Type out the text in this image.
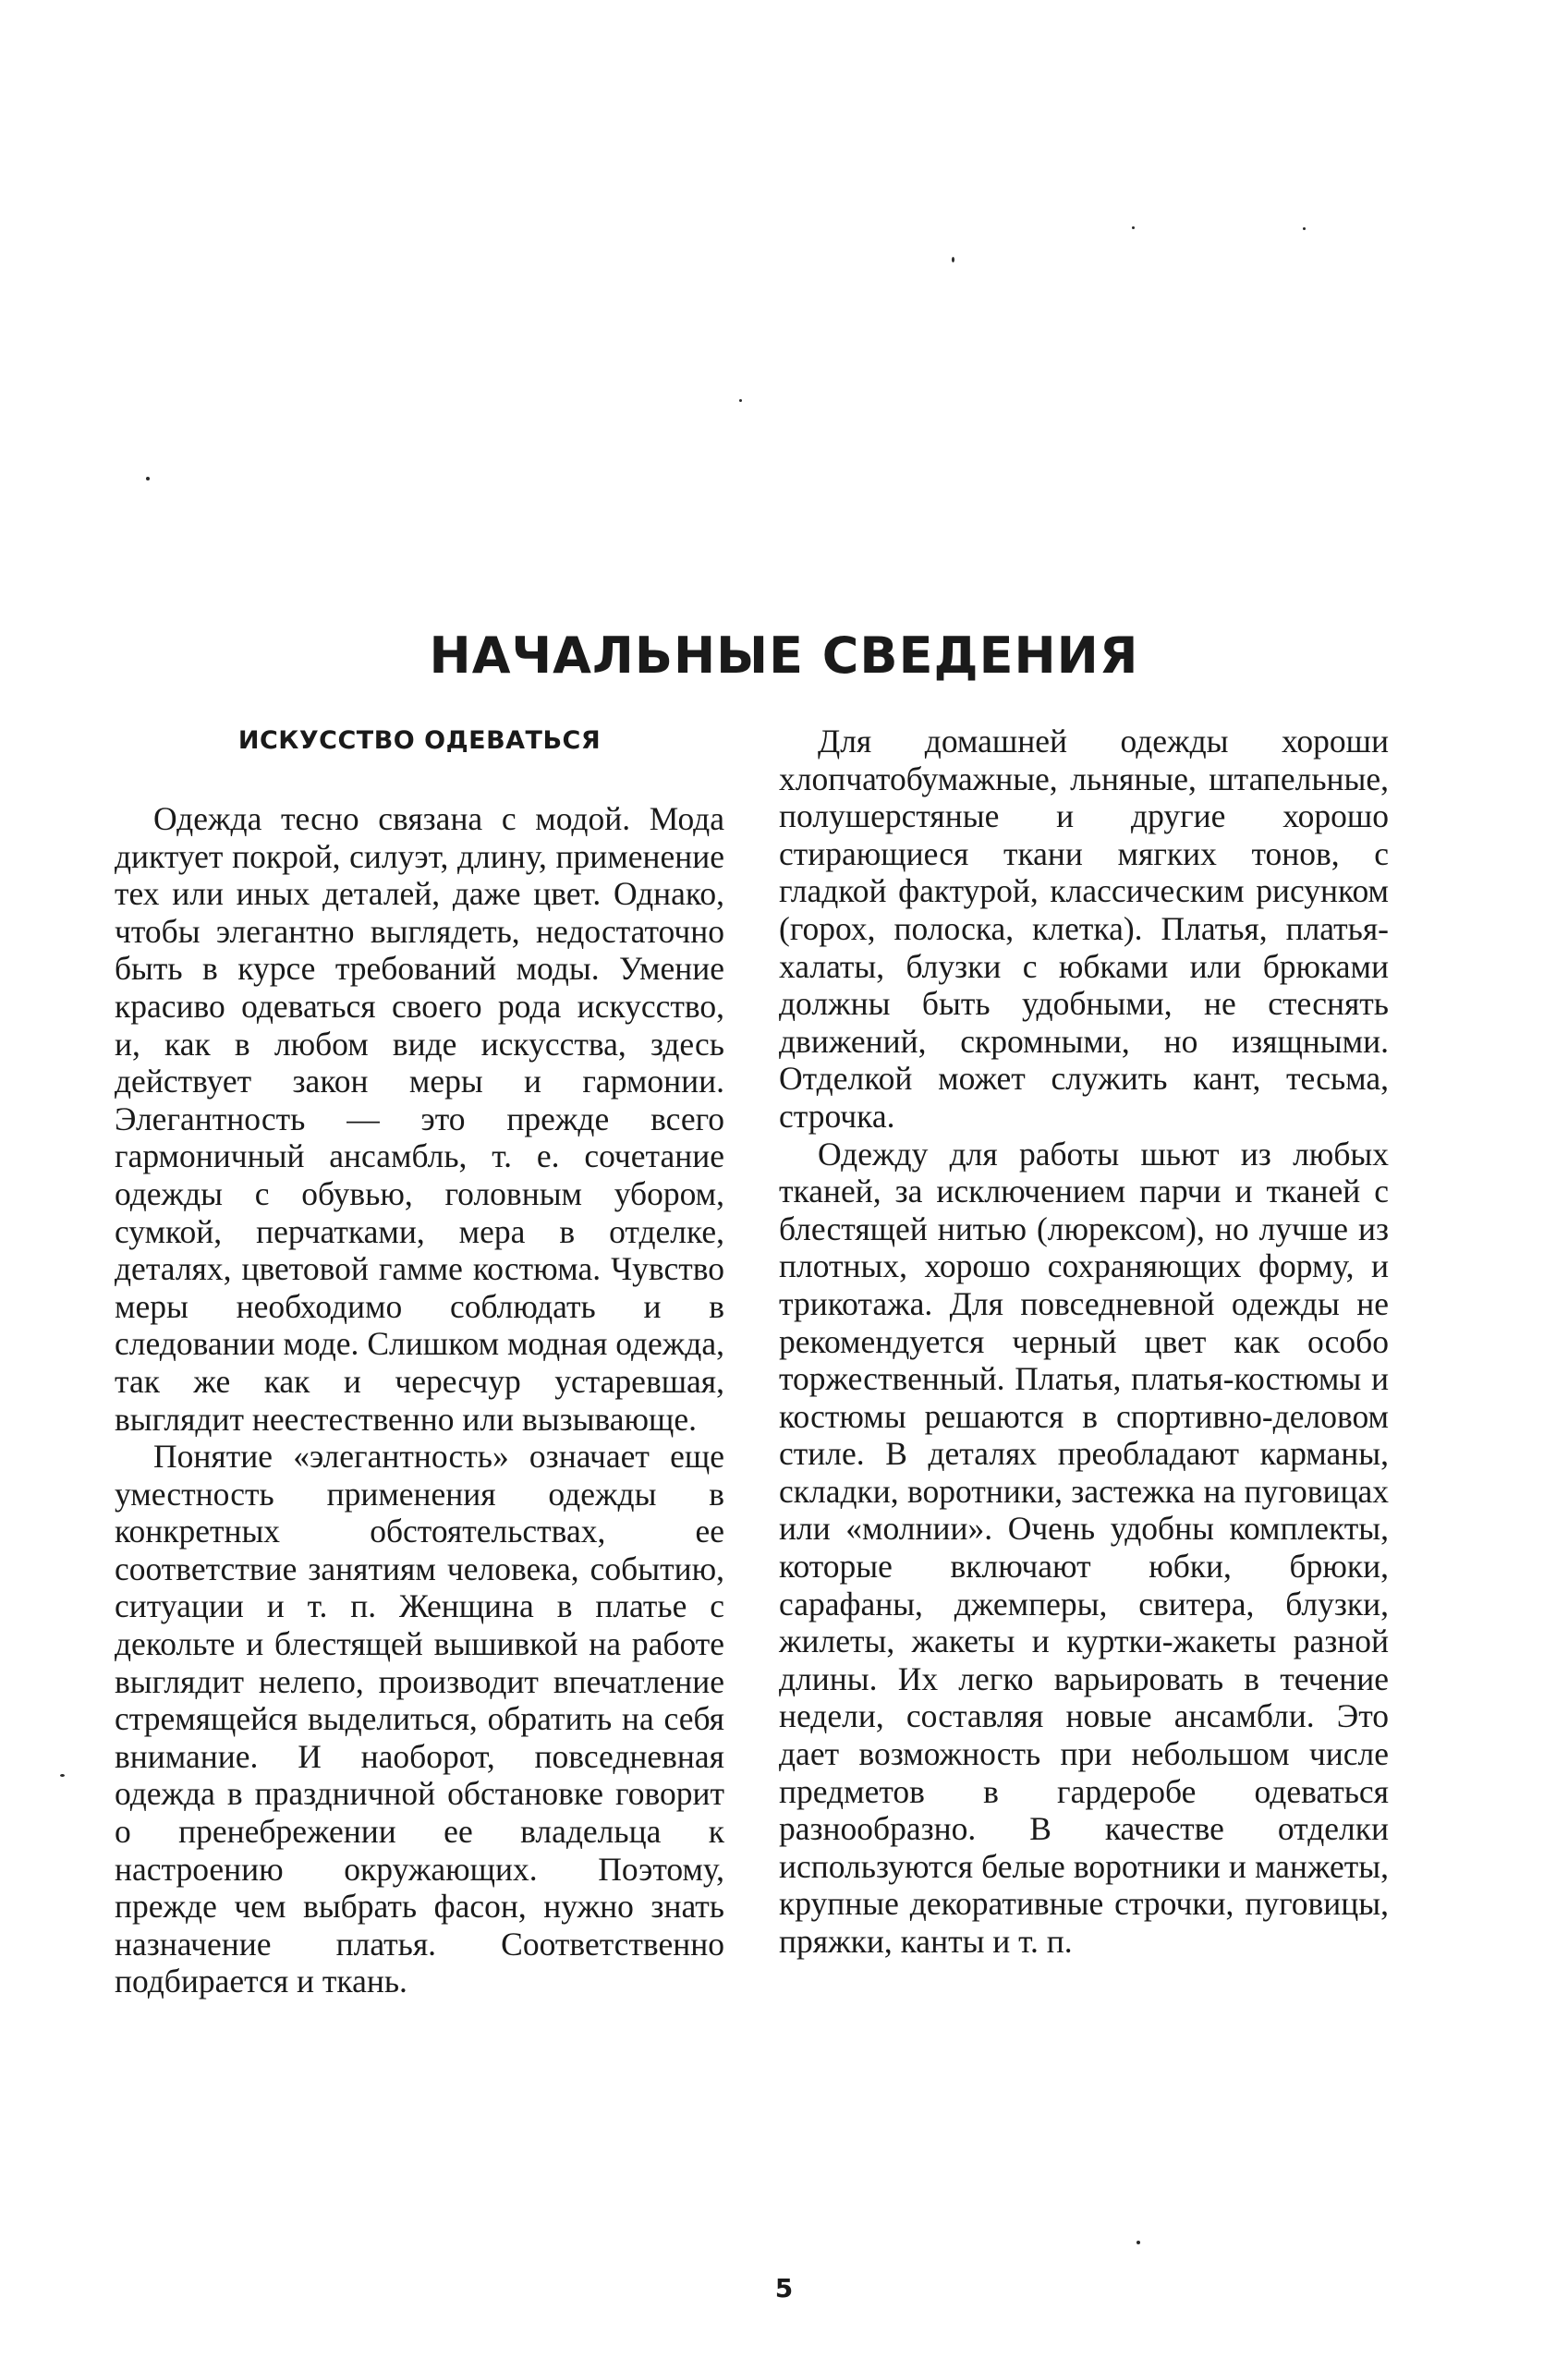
НАЧАЛЬНЫЕ СВЕДЕНИЯ
ИСКУССТВО ОДЕВАТЬСЯ

Одежда тесно связана с модой. Мода диктует покрой, силуэт, длину, применение тех или иных деталей, даже цвет. Однако, чтобы элегантно выглядеть, недостаточно быть в курсе требований моды. Умение красиво одеваться своего рода искусство, и, как в любом виде искусства, здесь действует закон меры и гармонии. Элегантность — это прежде всего гармоничный ансамбль, т. е. сочетание одежды с обувью, головным убором, сумкой, перчатками, мера в отделке, деталях, цветовой гамме костюма. Чувство меры необходимо соблюдать и в следовании моде. Слишком модная одежда, так же как и чересчур устаревшая, выглядит неестественно или вызывающе.

Понятие «элегантность» означает еще уместность применения одежды в конкретных обстоятельствах, ее соответствие занятиям человека, событию, ситуации и т. п. Женщина в платье с декольте и блестящей вышивкой на работе выглядит нелепо, производит впечатление стремящейся выделиться, обратить на себя внимание. И наоборот, повседневная одежда в праздничной обстановке говорит о пренебрежении ее владельца к настроению окружающих. Поэтому, прежде чем выбрать фасон, нужно знать назначение платья. Соответственно подбирается и ткань.

Для домашней одежды хороши хлопчатобумажные, льняные, штапельные, полушерстяные и другие хорошо стирающиеся ткани мягких тонов, с гладкой фактурой, классическим рисунком (горох, полоска, клетка). Платья, платья-халаты, блузки с юбками или брюками должны быть удобными, не стеснять движений, скромными, но изящными. Отделкой может служить кант, тесьма, строчка.

Одежду для работы шьют из любых тканей, за исключением парчи и тканей с блестящей нитью (люрексом), но лучше из плотных, хорошо сохраняющих форму, и трикотажа. Для повседневной одежды не рекомендуется черный цвет как особо торжественный. Платья, платья-костюмы и костюмы решаются в спортивно-деловом стиле. В деталях преобладают карманы, складки, воротники, застежка на пуговицах или «молнии». Очень удобны комплекты, которые включают юбки, брюки, сарафаны, джемперы, свитера, блузки, жилеты, жакеты и куртки-жакеты разной длины. Их легко варьировать в течение недели, составляя новые ансамбли. Это дает возможность при небольшом числе предметов в гардеробе одеваться разнообразно. В качестве отделки используются белые воротники и манжеты, крупные декоративные строчки, пуговицы, пряжки, канты и т. п.

5
